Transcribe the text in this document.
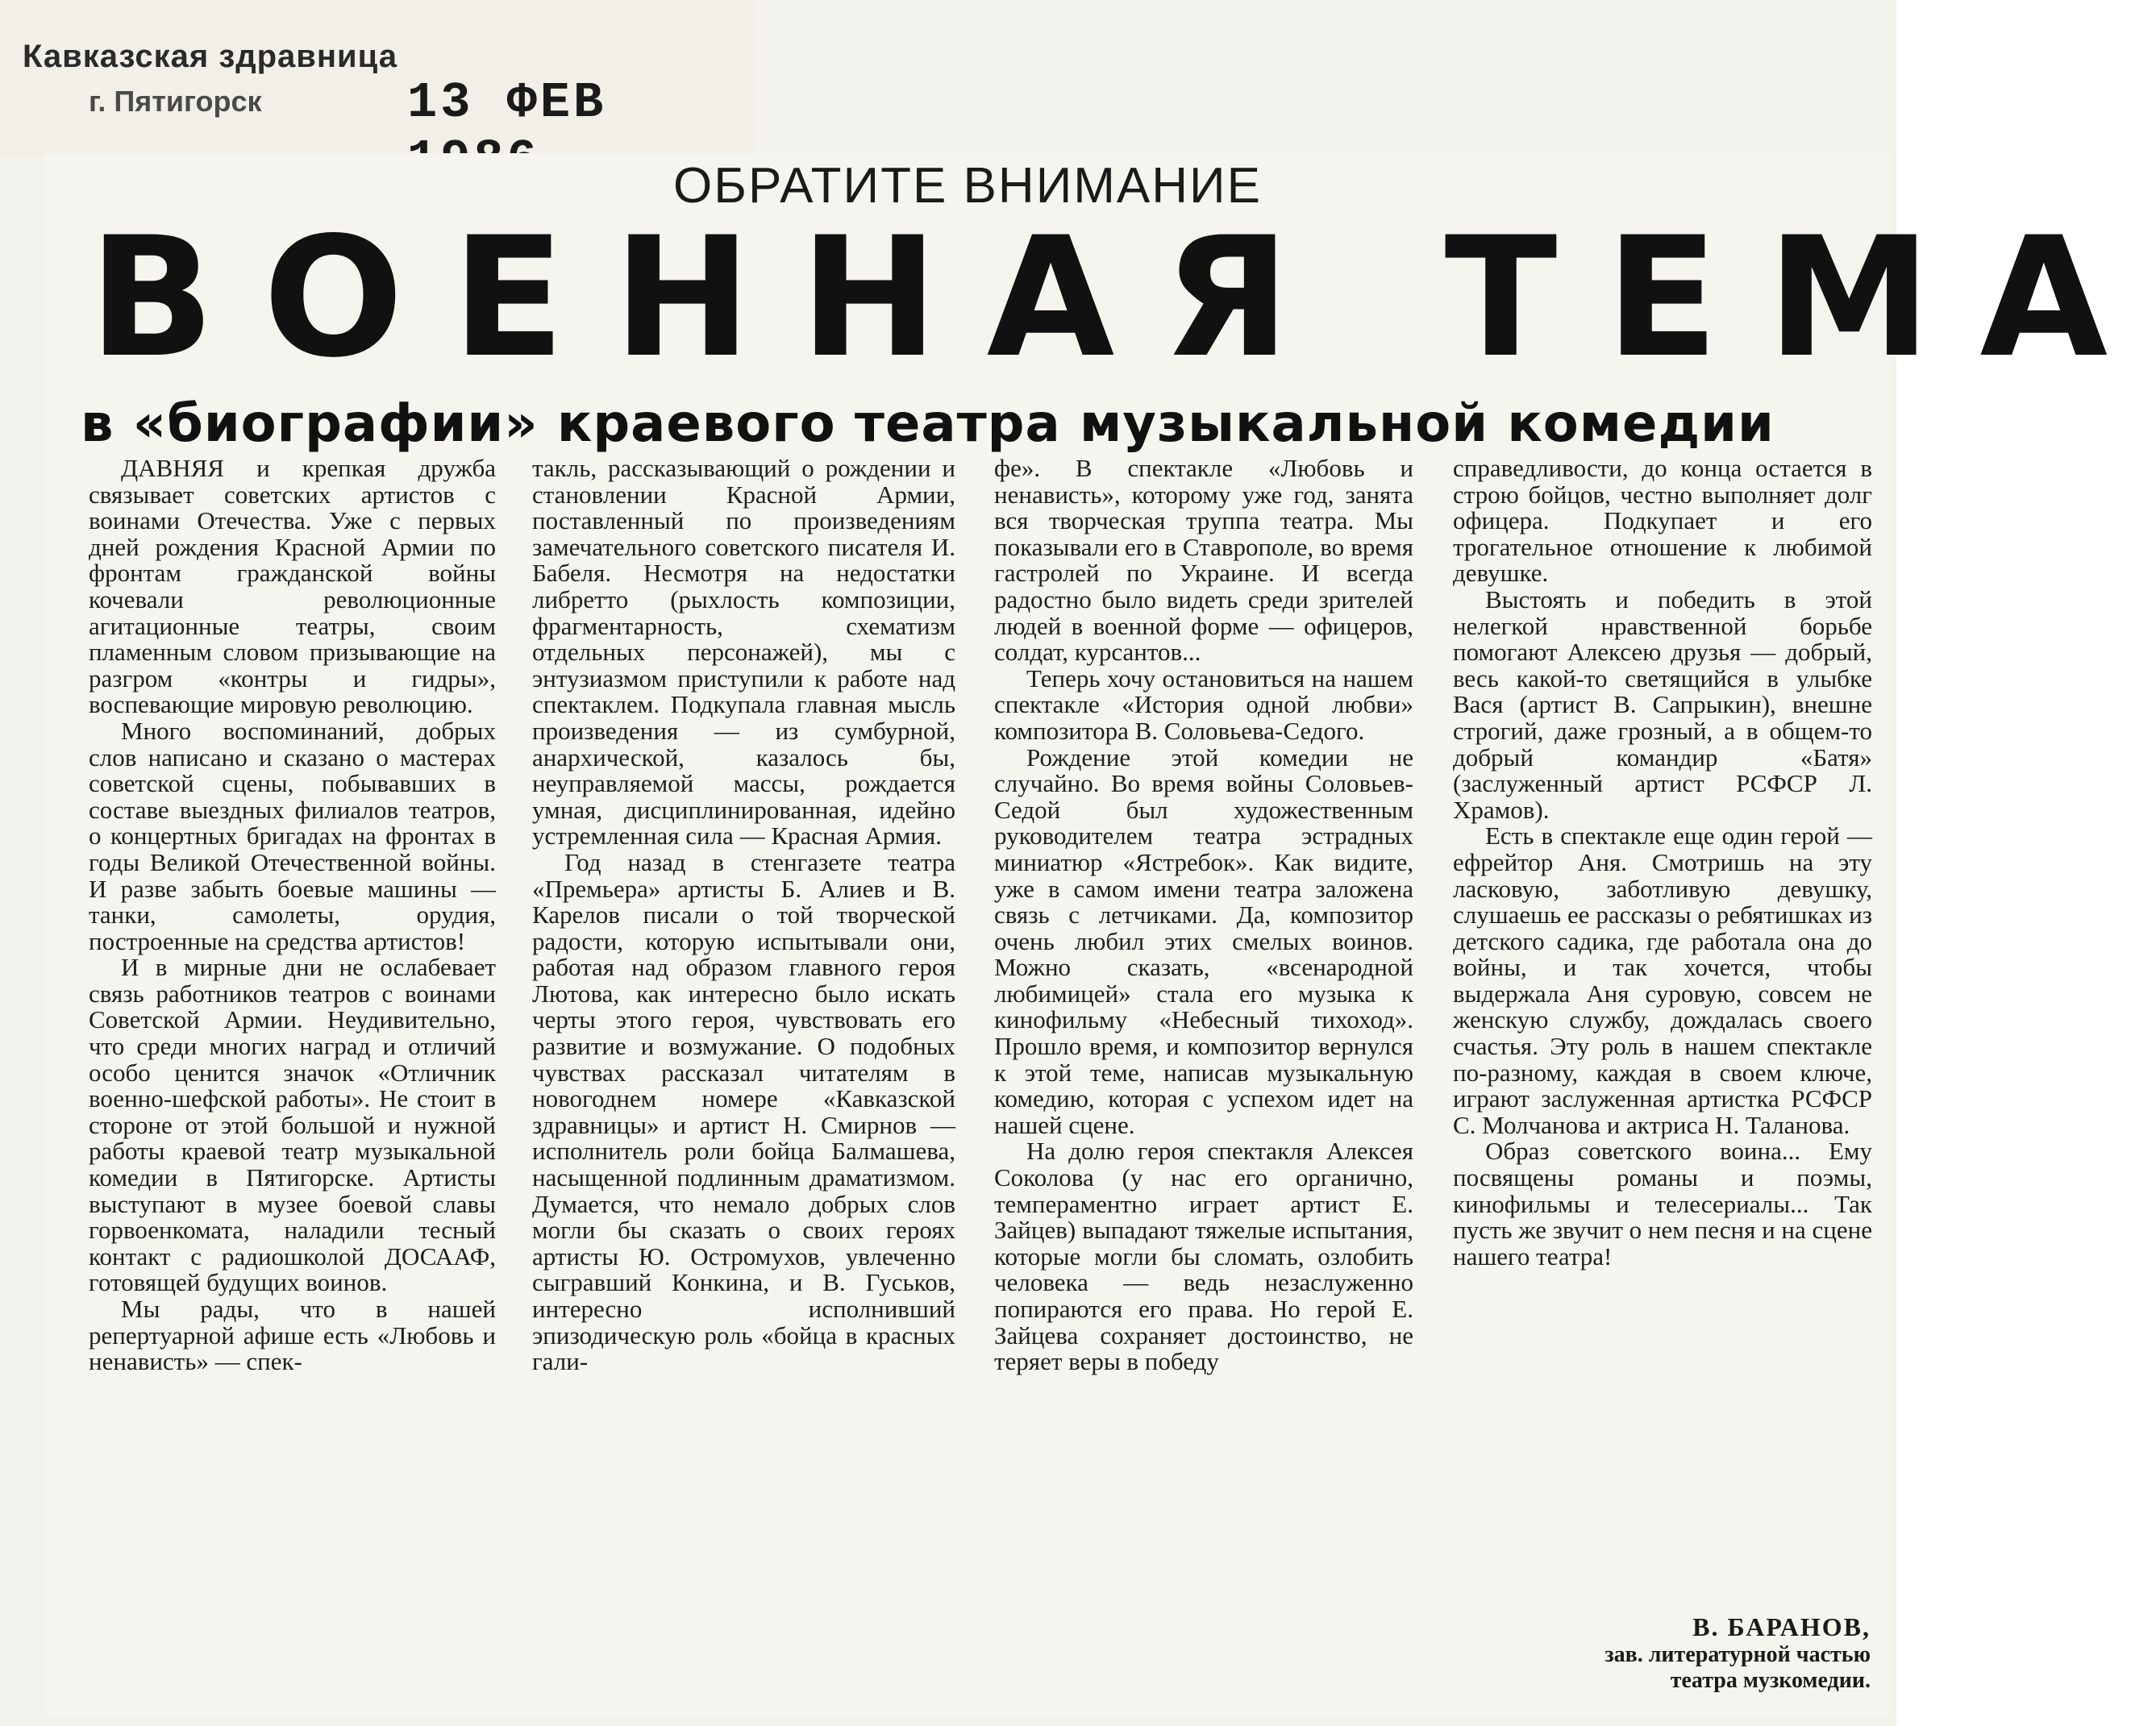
Кавказская здравница
г. Пятигорск	13 ФЕВ
ОБРАТИТЕ ВНИМАНИЕ
ВОЕННАЯ ТЕМА
в «биографии» краевого театра музыкальной комедии

ДАВНЯЯ и крепкая дружба связывает советских артистов с воинами Отечества. Уже с первых дней рождения Красной Армии по фронтам гражданской войны кочевали революционные агитационные театры, своим пламенным словом призывающие на разгром «контры и гидры», воспевающие мировую революцию.

Много воспоминаний, добрых слов написано и сказано о мастерах советской сцены, побывавших в составе выездных филиалов театров, о концертных бригадах на фронтах в годы Великой Отечественной войны. И разве забыть боевые машины — танки, самолеты, орудия, построенные на средства артистов!

И в мирные дни не ослабевает связь работников театров с воинами Советской Армии. Неудивительно, что среди многих наград и отличий особо ценится значок «Отличник военно-шефской работы». Не стоит в стороне от этой большой и нужной работы краевой театр музыкальной комедии в Пятигорске. Артисты выступают в музее боевой славы горвоенкомата, наладили тесный контакт с радиошколой ДОСААФ, готовящей будущих воинов.

Мы рады, что в нашей репертуарной афише есть «Любовь и ненависть» — спек-

такль, рассказывающий о рождении и становлении Красной Армии, поставленный по произведениям замечательного советского писателя И. Бабеля. Несмотря на недостатки либретто (рыхлость композиции, фрагментарность, схематизм отдельных персонажей), мы с энтузиазмом приступили к работе над спектаклем. Подкупала главная мысль произведения — из сумбурной, анархической, казалось бы, неуправляемой массы, рождается умная, дисциплинированная, идейно устремленная сила — Красная Армия.

Год назад в стенгазете театра «Премьера» артисты Б. Алиев и В. Карелов писали о той творческой радости, которую испытывали они, работая над образом главного героя Лютова, как интересно было искать черты этого героя, чувствовать его развитие и возмужание. О подобных чувствах рассказал читателям в новогоднем номере «Кавказской здравницы» и артист Н. Смирнов — исполнитель роли бойца Балмашева, насыщенной подлинным драматизмом. Думается, что немало добрых слов могли бы сказать о своих героях артисты Ю. Остромухов, увлеченно сыгравший Конкина, и В. Гуськов, интересно исполнивший эпизодическую роль «бойца в красных гали-

фе». В спектакле «Любовь и ненависть», которому уже год, занята вся творческая труппа театра. Мы показывали его в Ставрополе, во время гастролей по Украине. И всегда радостно было видеть среди зрителей людей в военной форме — офицеров, солдат, курсантов...

Теперь хочу остановиться на нашем спектакле «История одной любви» композитора В. Соловьева-Седого.

Рождение этой комедии не случайно. Во время войны Соловьев-Седой был художественным руководителем театра эстрадных миниатюр «Ястребок». Как видите, уже в самом имени театра заложена связь с летчиками. Да, композитор очень любил этих смелых воинов. Можно сказать, «всенародной любимицей» стала его музыка к кинофильму «Небесный тихоход». Прошло время, и композитор вернулся к этой теме, написав музыкальную комедию, которая с успехом идет на нашей сцене.

На долю героя спектакля Алексея Соколова (у нас его органично, темпераментно играет артист Е. Зайцев) выпадают тяжелые испытания, которые могли бы сломать, озлобить человека — ведь незаслуженно попираются его права. Но герой Е. Зайцева сохраняет достоинство, не теряет веры в победу

справедливости, до конца остается в строю бойцов, честно выполняет долг офицера. Подкупает и его трогательное отношение к любимой девушке.

Выстоять и победить в этой нелегкой нравственной борьбе помогают Алексею друзья — добрый, весь какой-то светящийся в улыбке Вася (артист В. Сапрыкин), внешне строгий, даже грозный, а в общем-то добрый командир «Батя» (заслуженный артист РСФСР Л. Храмов).

Есть в спектакле еще один герой — ефрейтор Аня. Смотришь на эту ласковую, заботливую девушку, слушаешь ее рассказы о ребятишках из детского садика, где работала она до войны, и так хочется, чтобы выдержала Аня суровую, совсем не женскую службу, дождалась своего счастья. Эту роль в нашем спектакле по-разному, каждая в своем ключе, играют заслуженная артистка РСФСР С. Молчанова и актриса Н. Таланова.

Образ советского воина... Ему посвящены романы и поэмы, кинофильмы и телесериалы... Так пусть же звучит о нем песня и на сцене нашего театра!

В. БАРАНОВ,
зав. литературной частью
театра музкомедии.
